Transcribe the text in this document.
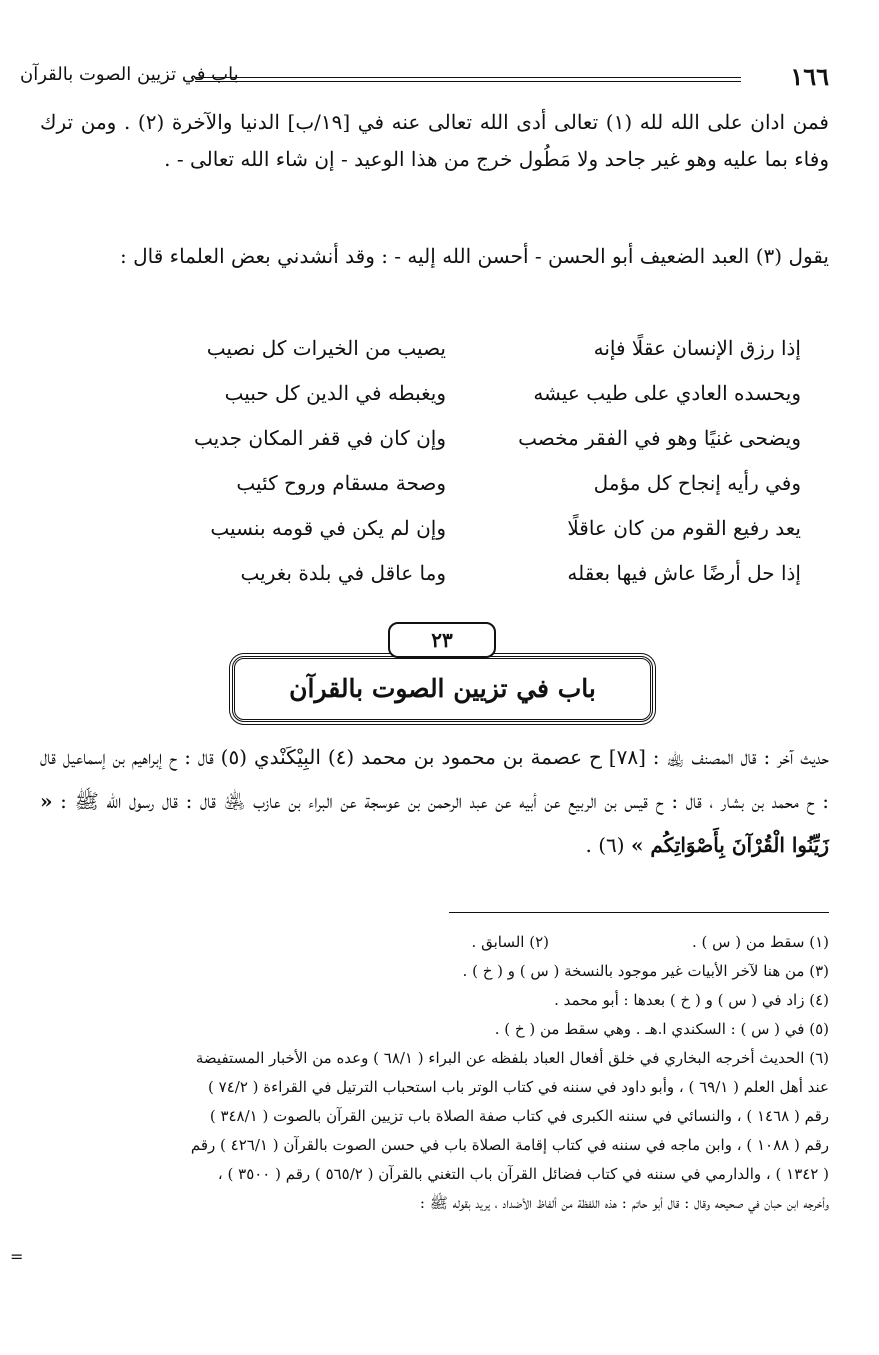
١٦٦
باب في تزيين الصوت بالقرآن

فمن ادان على الله لله (١) تعالى أدى الله تعالى عنه في [١٩/ب] الدنيا والآخرة (٢) . ومن ترك وفاء بما عليه وهو غير جاحد ولا مَطُول خرج من هذا الوعيد - إن شاء الله تعالى - .

يقول (٣) العبد الضعيف أبو الحسن - أحسن الله إليه - : وقد أنشدني بعض العلماء قال :

إذا رزق الإنسان عقلًا فإنه
يصيب من الخيرات كل نصيب
ويحسده العادي على طيب عيشه
ويغبطه في الدين كل حبيب
ويضحى غنيًا وهو في الفقر مخصب
وإن كان في قفر المكان جديب
وفي رأيه إنجاح كل مؤمل
وصحة مسقام وروح كئيب
يعد رفيع القوم من كان عاقلًا
وإن لم يكن في قومه بنسيب
إذا حل أرضًا عاش فيها بعقله
وما عاقل في بلدة بغريب
باب في تزيين الصوت بالقرآن
٢٣

حديث آخر : قال المصنف ﵀ : [٧٨] ح عصمة بن محمود بن محمد (٤) البِيْكَنْدي (٥) قال : ح إبراهيم بن إسماعيل قال : ح محمد بن بشار ، قال : ح قيس بن الربيع عن أبيه عن عبد الرحمن بن عوسجة عن البراء بن عازب ﵁ قال : قال رسول الله ﷺ : « زَيِّنُوا الْقُرْآنَ بِأَصْوَاتِكُم » (٦) .

(١) سقط من ( س ) .
(٢) السابق .
(٣) من هنا لآخر الأبيات غير موجود بالنسخة ( س ) و ( خ ) .
(٤) زاد في ( س ) و ( خ ) بعدها : أبو محمد .
(٥) في ( س ) : السكندي ا.هـ . وهي سقط من ( خ ) .
(٦) الحديث أخرجه البخاري في خلق أفعال العباد بلفظه عن البراء ( ٦٨/١ ) وعده من الأخبار المستفيضة
عند أهل العلم ( ٦٩/١ ) ، وأبو داود في سننه في كتاب الوتر باب استحباب الترتيل في القراءة ( ٧٤/٢ )
رقم ( ١٤٦٨ ) ، والنسائي في سننه الكبرى في كتاب صفة الصلاة باب تزيين القرآن بالصوت ( ٣٤٨/١ )
رقم ( ١٠٨٨ ) ، وابن ماجه في سننه في كتاب إقامة الصلاة باب في حسن الصوت بالقرآن ( ٤٢٦/١ ) رقم
( ١٣٤٢ ) ، والدارمي في سننه في كتاب فضائل القرآن باب التغني بالقرآن ( ٥٦٥/٢ ) رقم ( ٣٥٠٠ ) ،
وأخرجه ابن حبان في صحيحه وقال : قال أبو حاتم : هذه اللفظة من ألفاظ الأضداد ، يريد بقوله ﷺ :
=
